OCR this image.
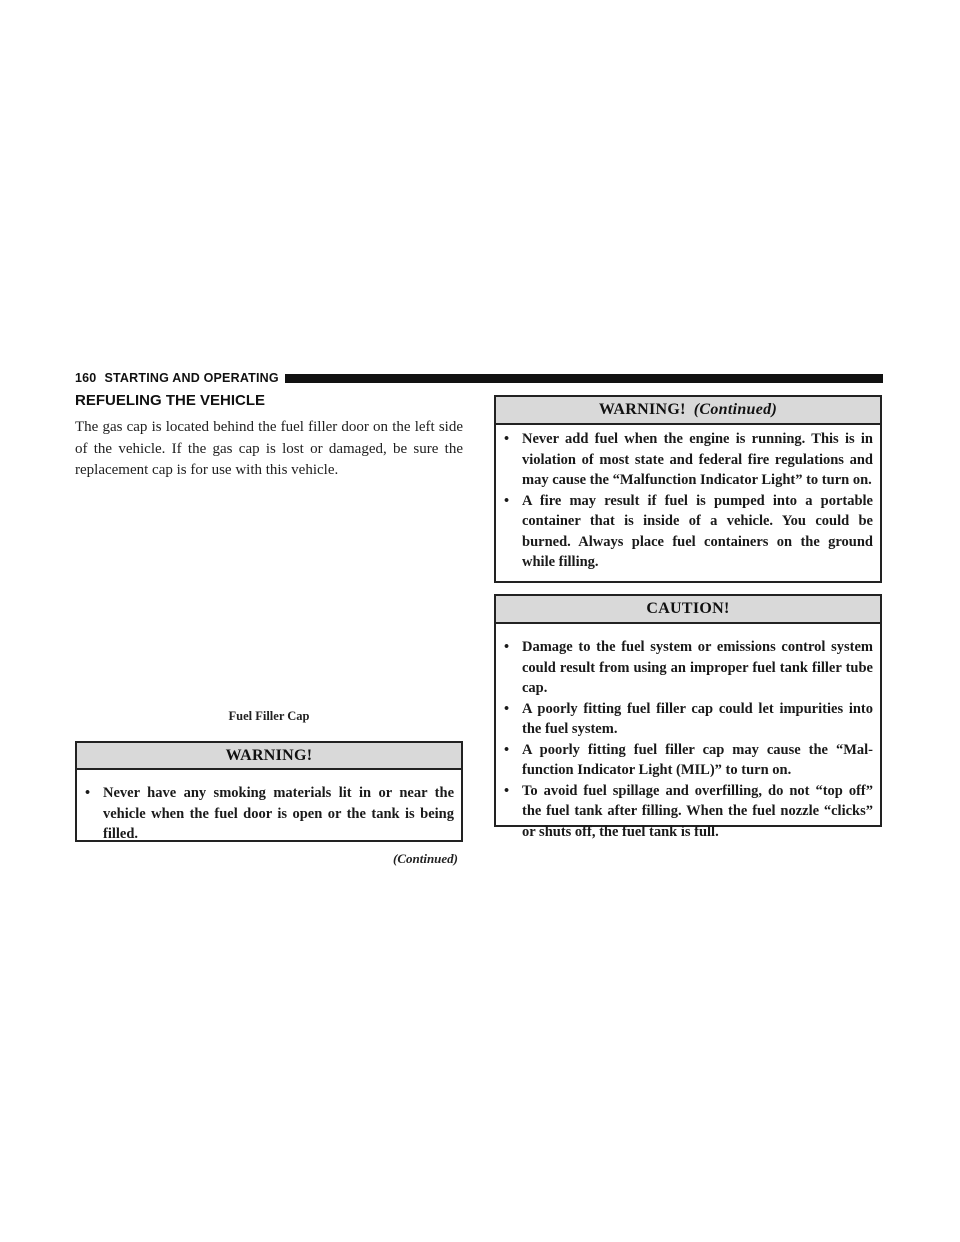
160 STARTING AND OPERATING
REFUELING THE VEHICLE
The gas cap is located behind the fuel filler door on the left side of the vehicle. If the gas cap is lost or damaged, be sure the replacement cap is for use with this vehicle.
Fuel Filler Cap
WARNING!
• Never have any smoking materials lit in or near the vehicle when the fuel door is open or the tank is being filled.
(Continued)
WARNING! (Continued)
• Never add fuel when the engine is running. This is in violation of most state and federal fire regulations and may cause the “Malfunction Indicator Light” to turn on.
• A fire may result if fuel is pumped into a portable container that is inside of a vehicle. You could be burned. Always place fuel containers on the ground while filling.
CAUTION!
• Damage to the fuel system or emissions control system could result from using an improper fuel tank filler tube cap.
• A poorly fitting fuel filler cap could let impurities into the fuel system.
• A poorly fitting fuel filler cap may cause the “Mal-function Indicator Light (MIL)” to turn on.
• To avoid fuel spillage and overfilling, do not “top off” the fuel tank after filling. When the fuel nozzle “clicks” or shuts off, the fuel tank is full.
